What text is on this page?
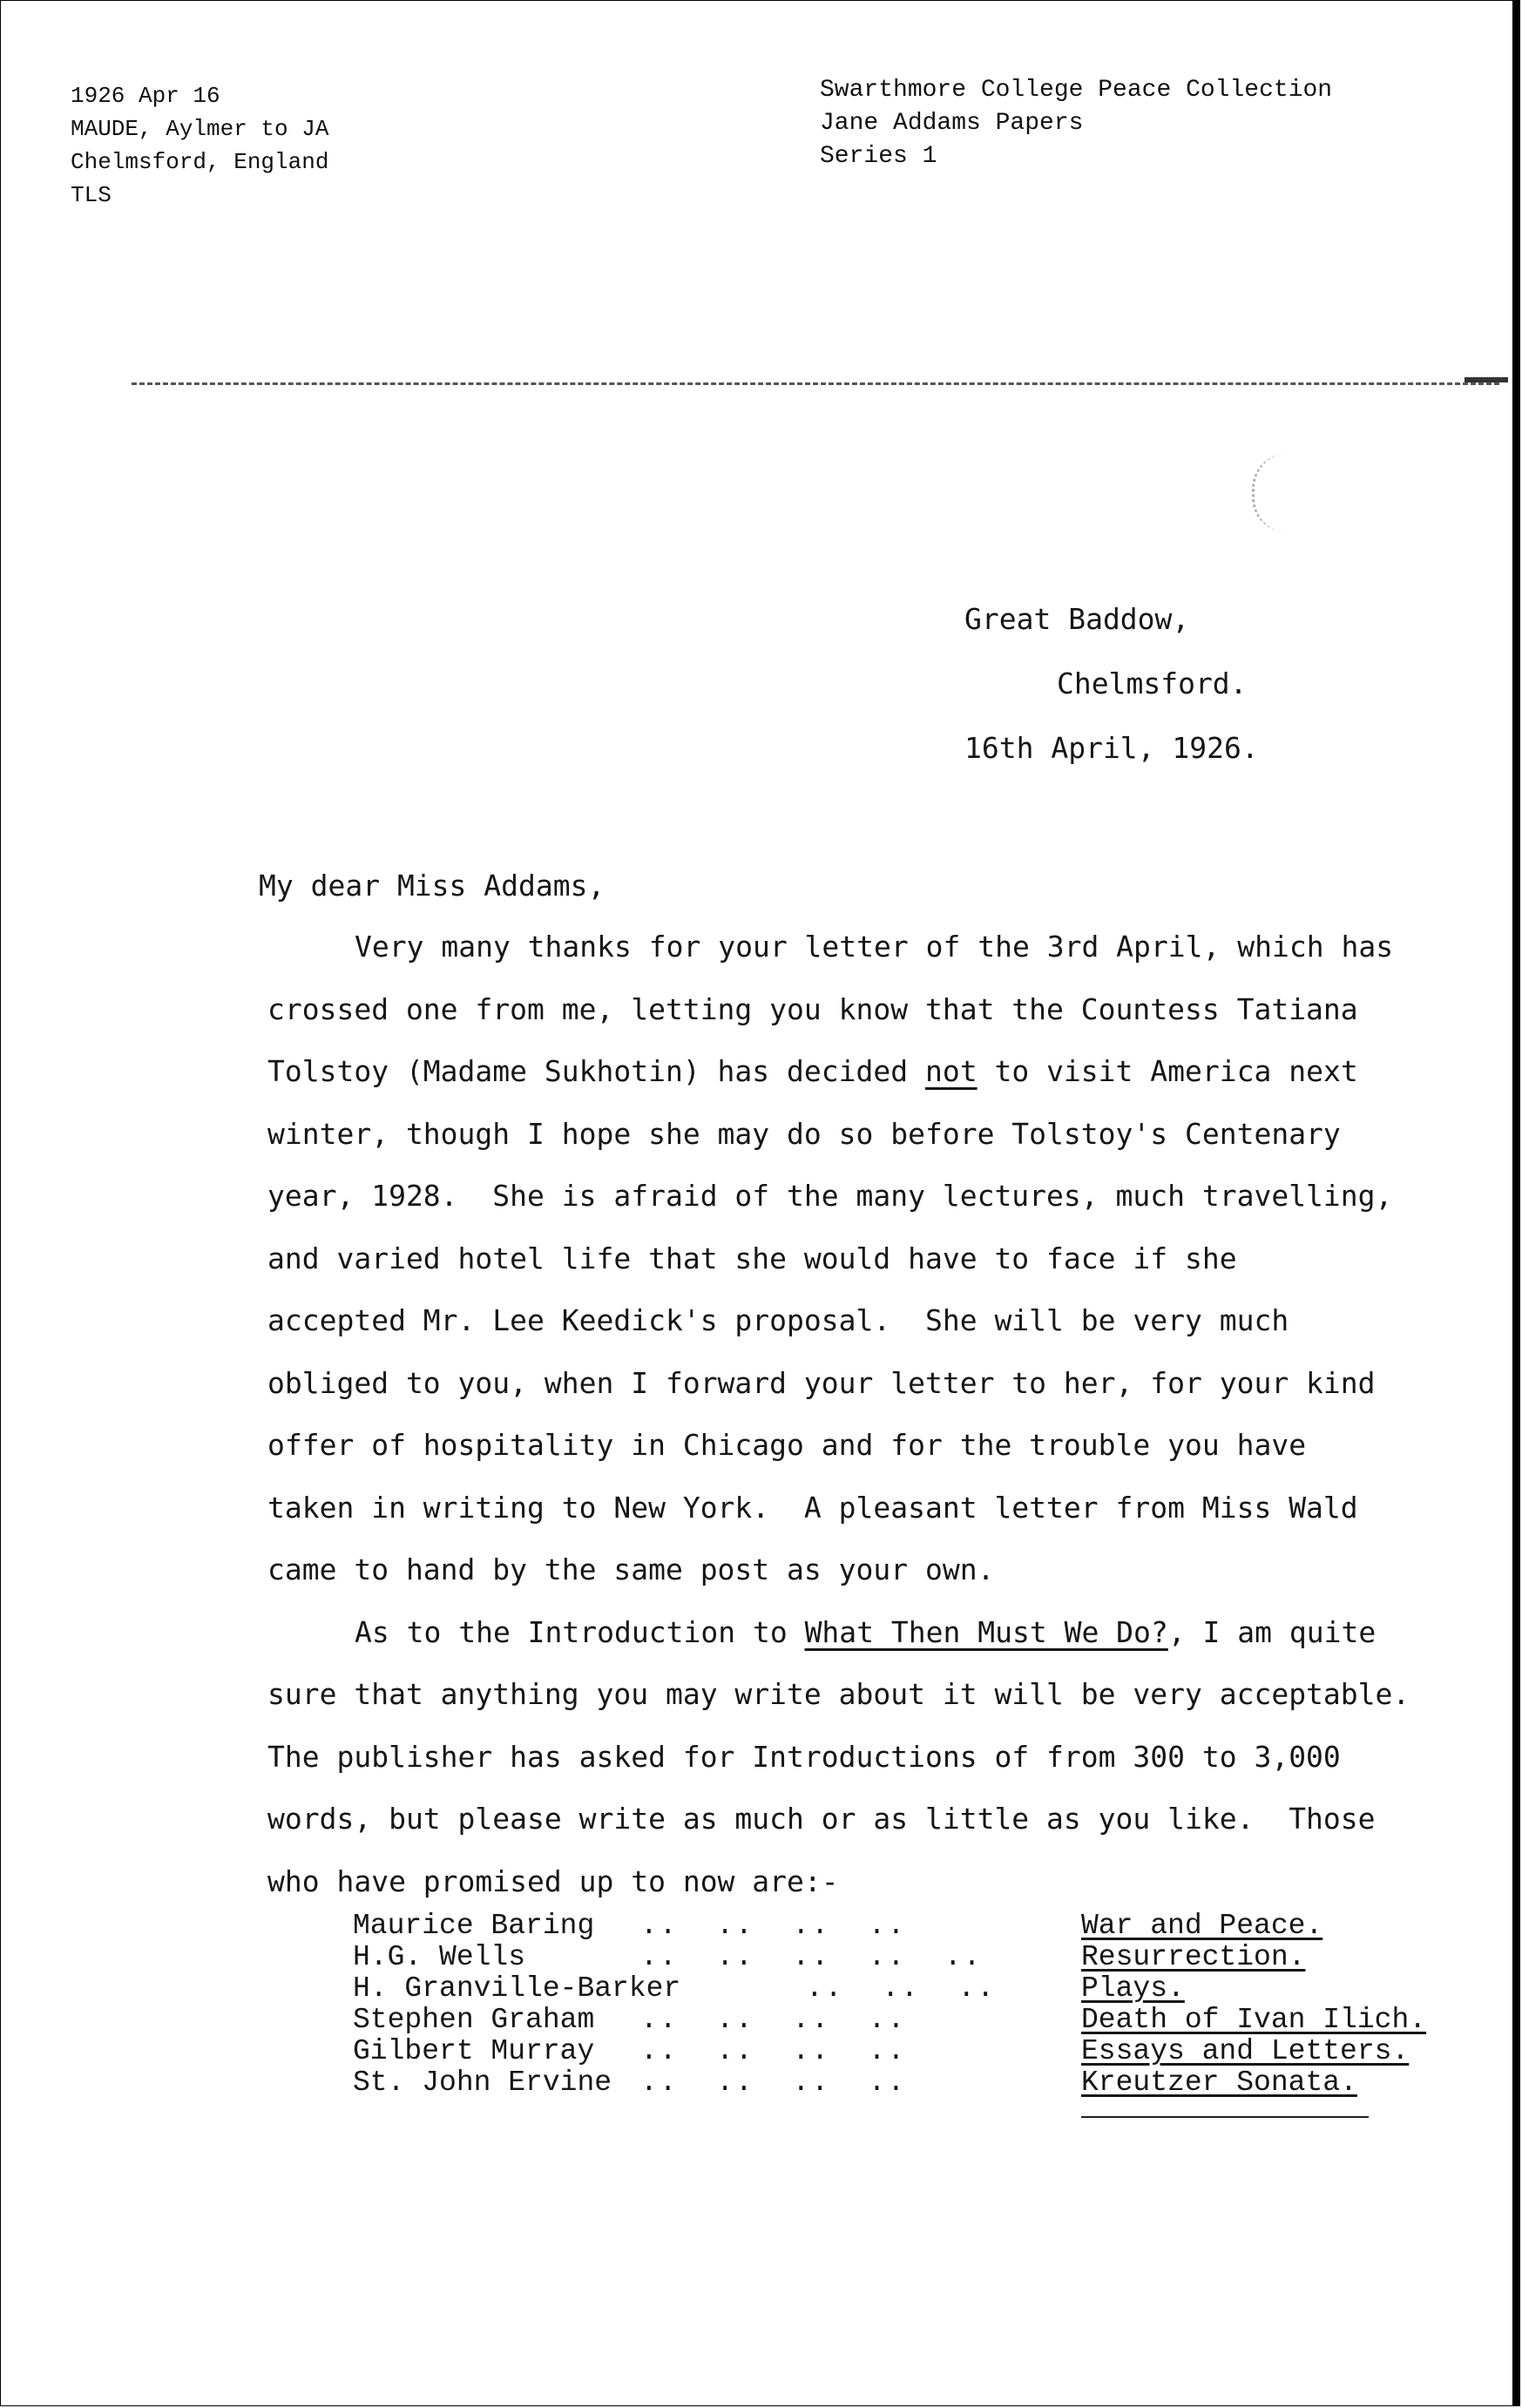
1926 Apr 16
MAUDE, Aylmer to JA
Chelmsford, England
TLS
Swarthmore College Peace Collection
Jane Addams Papers
Series 1
Great Baddow,
Chelmsford.
16th April, 1926.
My dear Miss Addams,
Very many thanks for your letter of the 3rd April, which has
crossed one from me, letting you know that the Countess Tatiana
Tolstoy (Madame Sukhotin) has decided not to visit America next
winter, though I hope she may do so before Tolstoy's Centenary
year, 1928.  She is afraid of the many lectures, much travelling,
and varied hotel life that she would have to face if she
accepted Mr. Lee Keedick's proposal.  She will be very much
obliged to you, when I forward your letter to her, for your kind
offer of hospitality in Chicago and for the trouble you have
taken in writing to New York.  A pleasant letter from Miss Wald
came to hand by the same post as your own.
As to the Introduction to What Then Must We Do?, I am quite
sure that anything you may write about it will be very acceptable.
The publisher has asked for Introductions of from 300 to 3,000
words, but please write as much or as little as you like.  Those
who have promised up to now are:-
Maurice Baring ..  ..  ..  ..	War and Peace.
H.G. Wells	..  ..  ..  ..  ..	Resurrection.
H. Granville-Barker	..  ..  ..	Plays.
Stephen Graham ..  ..  ..  ..	Death of Ivan Ilich.
Gilbert Murray ..  ..  ..  ..	Essays and Letters.
St. John Ervine ..  ..  ..  ..	Kreutzer Sonata.
